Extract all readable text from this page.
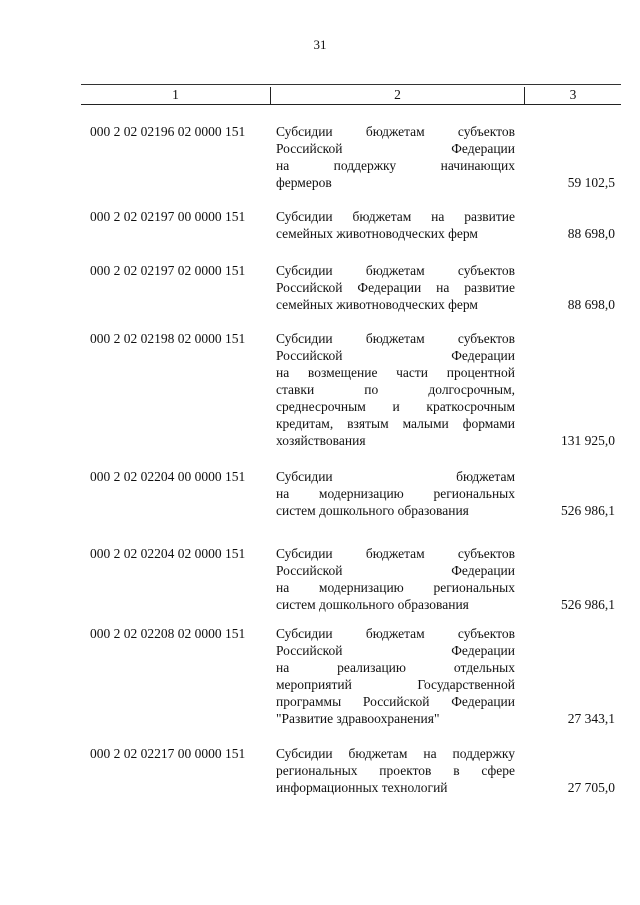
31
1	2	3
000 2 02 02196 02 0000 151	Субсидии бюджетам субъектов
Российской Федерации
на поддержку начинающих
фермеров	59 102,5
000 2 02 02197 00 0000 151	Субсидии бюджетам на развитие
семейных животноводческих ферм	88 698,0
000 2 02 02197 02 0000 151	Субсидии бюджетам субъектов
Российской Федерации на развитие
семейных животноводческих ферм	88 698,0
000 2 02 02198 02 0000 151	Субсидии бюджетам субъектов
Российской Федерации
на возмещение части процентной
ставки по долгосрочным,
среднесрочным и краткосрочным
кредитам, взятым малыми формами
хозяйствования	131 925,0
000 2 02 02204 00 0000 151	Субсидии бюджетам
на модернизацию региональных
систем дошкольного образования	526 986,1
000 2 02 02204 02 0000 151	Субсидии бюджетам субъектов
Российской Федерации
на модернизацию региональных
систем дошкольного образования	526 986,1
000 2 02 02208 02 0000 151	Субсидии бюджетам субъектов
Российской Федерации
на реализацию отдельных
мероприятий Государственной
программы Российской Федерации
"Развитие здравоохранения"	27 343,1
000 2 02 02217 00 0000 151	Субсидии бюджетам на поддержку
региональных проектов в сфере
информационных технологий	27 705,0
